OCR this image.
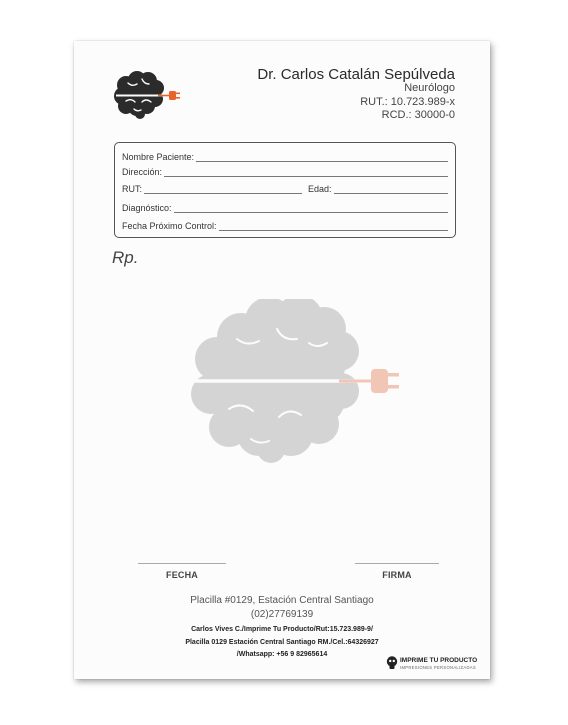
Dr. Carlos Catalán Sepúlveda
Neurólogo
RUT.: 10.723.989-x
RCD.: 30000-0
Nombre Paciente:
Dirección:
RUT:	Edad:
Diagnóstico:
Fecha Próximo Control:
Rp.
FECHA	FIRMA
Placilla #0129, Estación Central Santiago
(02)27769139
Carlos Vives C./Imprime Tu Producto/Rut:15.723.989-9/
Placilla 0129 Estación Central Santiago RM./Cel.:64326927
/Whatsapp: +56 9 82965614
IMPRIME TU PRODUCTO
IMPRESIONES PERSONALIZADAS
